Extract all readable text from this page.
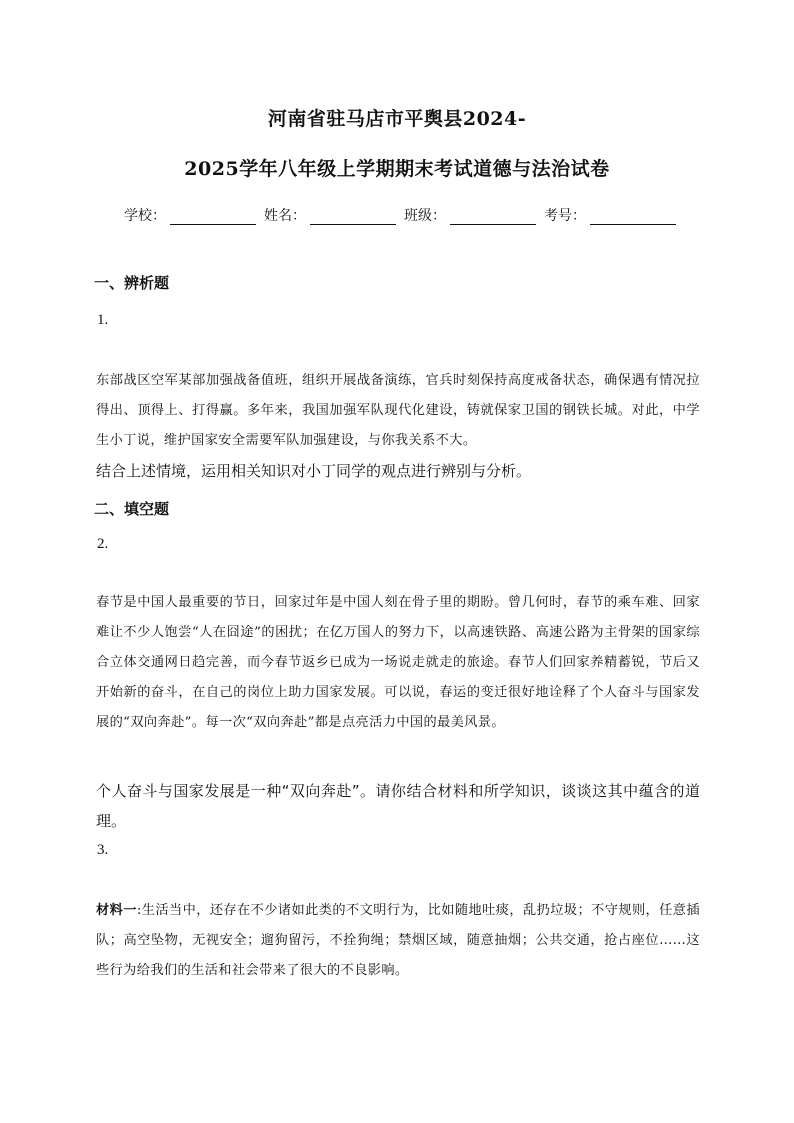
河南省驻马店市平舆县2024-
2025学年八年级上学期期末考试道德与法治试卷
学校：	姓名：	班级：	考号：
一、辨析题
1.
东部战区空军某部加强战备值班，组织开展战备演练，官兵时刻保持高度戒备状态，确保遇有情况拉得出、顶得上、打得赢。多年来，我国加强军队现代化建设，铸就保家卫国的钢铁长城。对此，中学生小丁说，维护国家安全需要军队加强建设，与你我关系不大。
结合上述情境，运用相关知识对小丁同学的观点进行辨别与分析。
二、填空题
2.
春节是中国人最重要的节日，回家过年是中国人刻在骨子里的期盼。曾几何时，春节的乘车难、回家难让不少人饱尝“人在囧途”的困扰；在亿万国人的努力下，以高速铁路、高速公路为主骨架的国家综合立体交通网日趋完善，而今春节返乡已成为一场说走就走的旅途。春节人们回家养精蓄锐，节后又开始新的奋斗，在自己的岗位上助力国家发展。可以说，春运的变迁很好地诠释了个人奋斗与国家发展的“双向奔赴”。每一次“双向奔赴”都是点亮活力中国的最美风景。
个人奋斗与国家发展是一种“双向奔赴”。请你结合材料和所学知识，谈谈这其中蕴含的道理。
3.
材料一:生活当中，还存在不少诸如此类的不文明行为，比如随地吐痰，乱扔垃圾；不守规则，任意插队；高空坠物，无视安全；遛狗留污，不拴狗绳；禁烟区域，随意抽烟；公共交通，抢占座位……这些行为给我们的生活和社会带来了很大的不良影响。
